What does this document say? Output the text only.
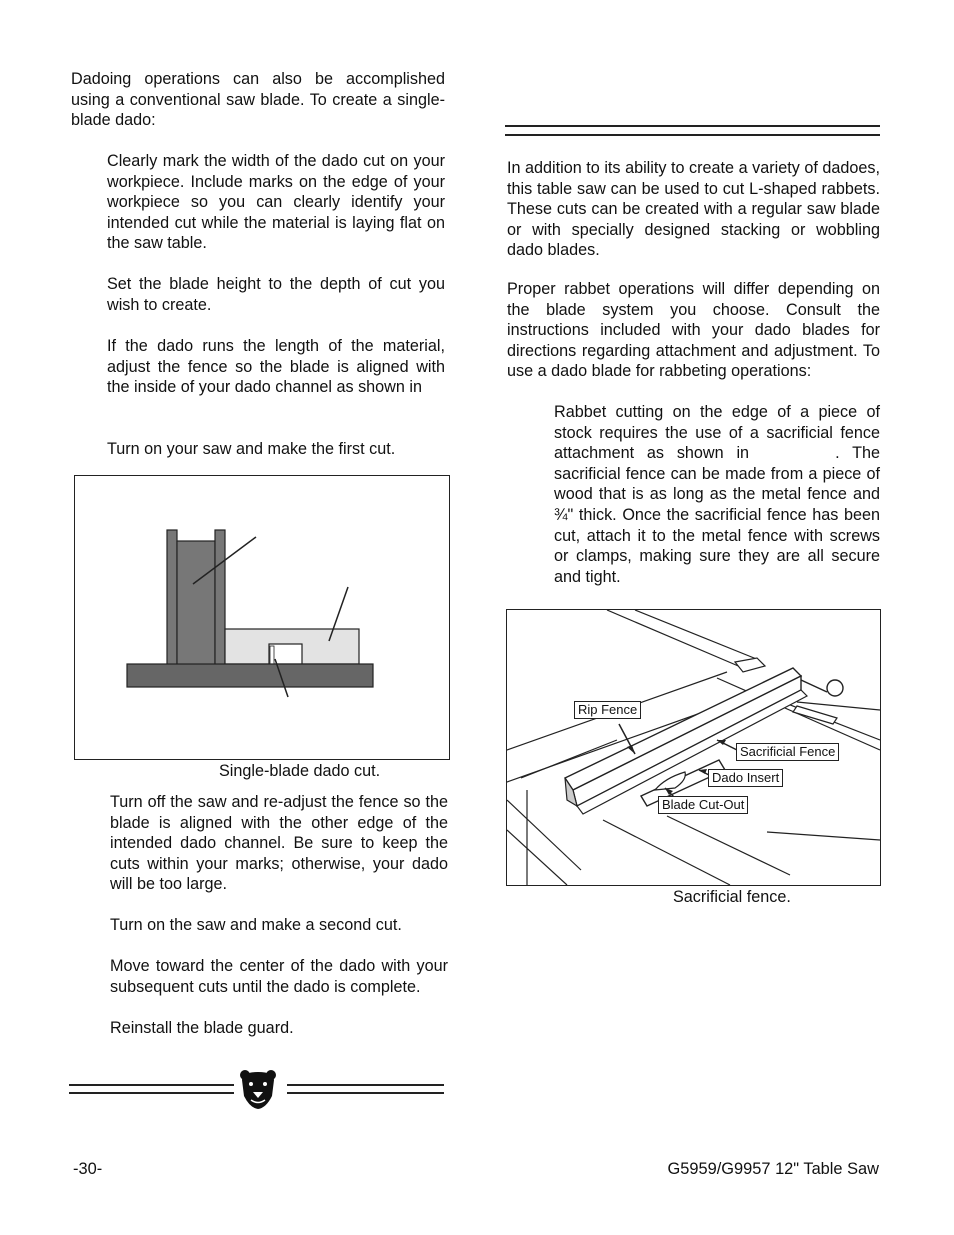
Dadoing operations can also be accomplished using a conventional saw blade. To create a single-blade dado:
Clearly mark the width of the dado cut on your workpiece. Include marks on the edge of your workpiece so you can clearly identify your intended cut while the material is laying flat on the saw table.
Set the blade height to the depth of cut you wish to create.
If the dado runs the length of the material, adjust the fence so the blade is aligned with the inside of your dado channel as shown in
Turn on your saw and make the first cut.
Single-blade dado cut.
Turn off the saw and re-adjust the fence so the blade is aligned with the other edge of the intended dado channel. Be sure to keep the cuts within your marks; otherwise, your dado will be too large.
Turn on the saw and make a second cut.
Move toward the center of the dado with your subsequent cuts until the dado is complete.
Reinstall the blade guard.
In addition to its ability to create a variety of dadoes, this table saw can be used to cut L-shaped rabbets. These cuts can be created with a regular saw blade or with specially designed stacking or wobbling dado blades.
Proper rabbet operations will differ depending on the blade system you choose. Consult the instructions included with your dado blades for directions regarding attachment and adjustment. To use a dado blade for rabbeting operations:
Rabbet cutting on the edge of a piece of stock requires the use of a sacrificial fence attachment as shown in	. The sacrificial fence can be made from a piece of wood that is as long as the metal fence and ¾" thick. Once the sacrificial fence has been cut, attach it to the metal fence with screws or clamps, making sure they are all secure and tight.
Rip Fence
Sacrificial Fence
Dado Insert
Blade Cut-Out
Sacrificial fence.
-30-	G5959/G9957 12" Table Saw
